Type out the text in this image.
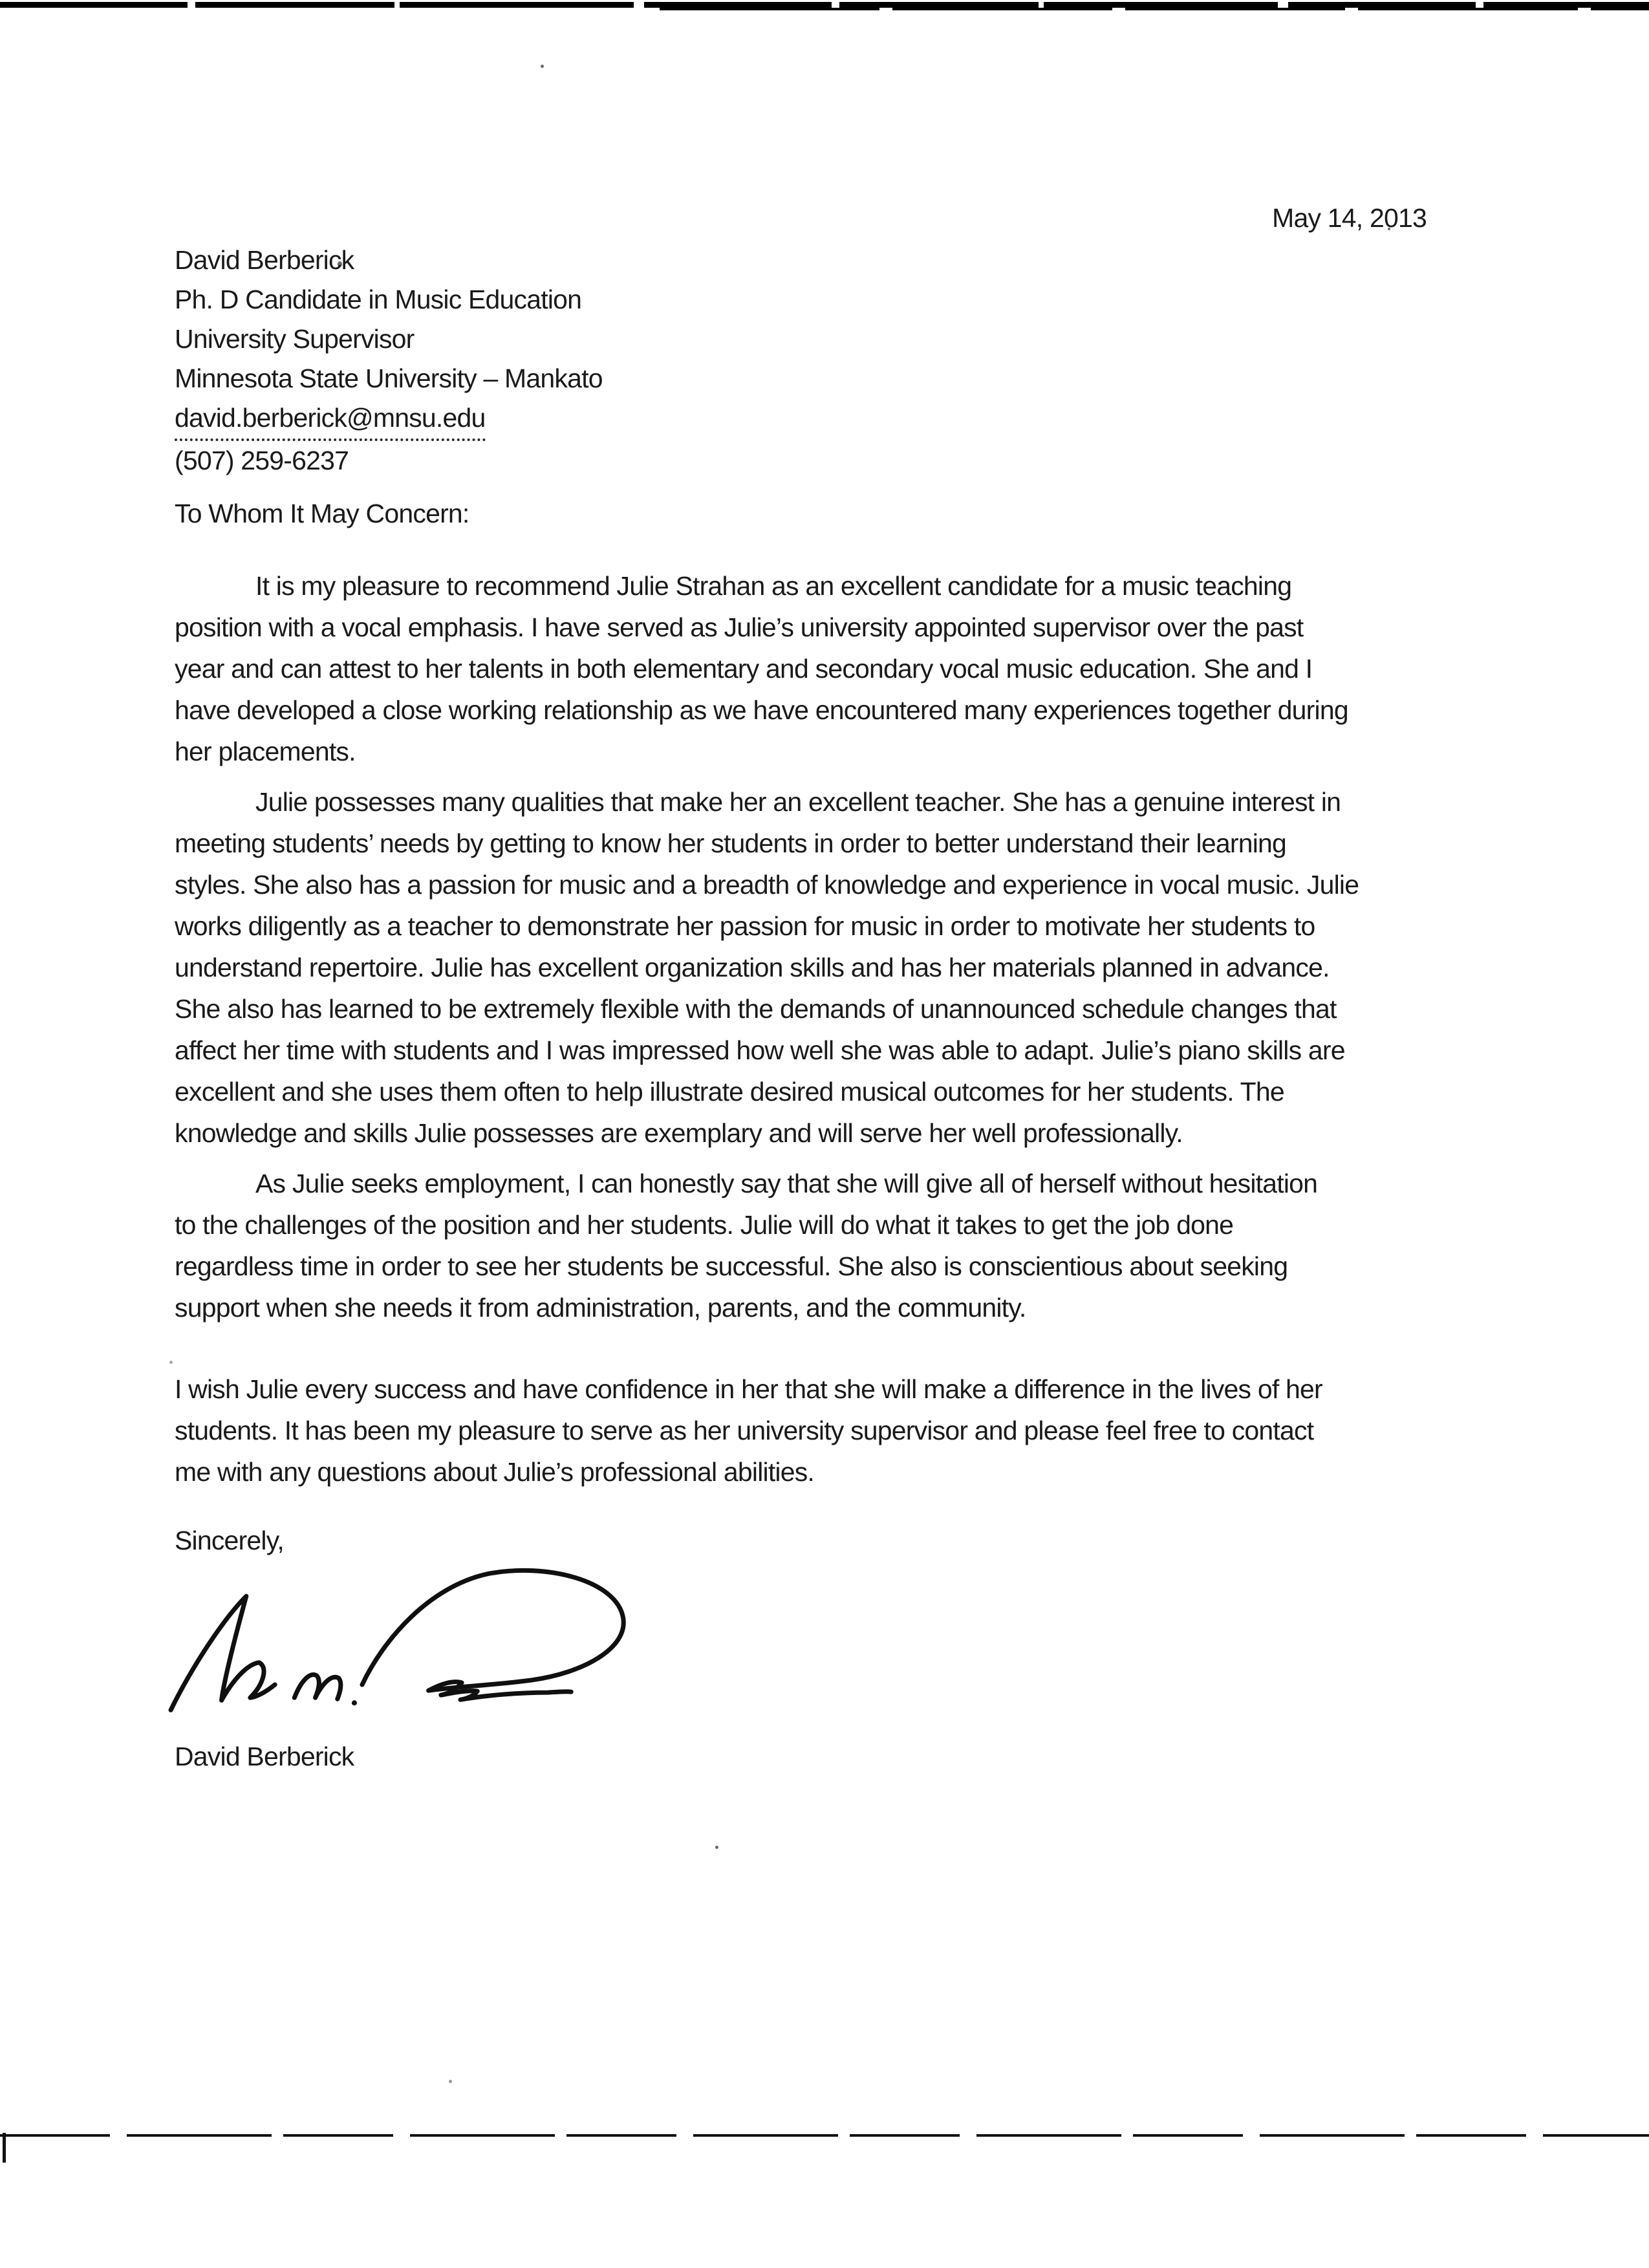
May 14, 2013
David Berberick
Ph. D Candidate in Music Education
University Supervisor
Minnesota State University – Mankato
david.berberick@mnsu.edu
(507) 259-6237
To Whom It May Concern:
It is my pleasure to recommend Julie Strahan as an excellent candidate for a music teaching
position with a vocal emphasis. I have served as Julie’s university appointed supervisor over the past
year and can attest to her talents in both elementary and secondary vocal music education. She and I
have developed a close working relationship as we have encountered many experiences together during
her placements.
Julie possesses many qualities that make her an excellent teacher. She has a genuine interest in
meeting students’ needs by getting to know her students in order to better understand their learning
styles. She also has a passion for music and a breadth of knowledge and experience in vocal music. Julie
works diligently as a teacher to demonstrate her passion for music in order to motivate her students to
understand repertoire. Julie has excellent organization skills and has her materials planned in advance.
She also has learned to be extremely flexible with the demands of unannounced schedule changes that
affect her time with students and I was impressed how well she was able to adapt. Julie’s piano skills are
excellent and she uses them often to help illustrate desired musical outcomes for her students. The
knowledge and skills Julie possesses are exemplary and will serve her well professionally.
As Julie seeks employment, I can honestly say that she will give all of herself without hesitation
to the challenges of the position and her students. Julie will do what it takes to get the job done
regardless time in order to see her students be successful. She also is conscientious about seeking
support when she needs it from administration, parents, and the community.
I wish Julie every success and have confidence in her that she will make a difference in the lives of her
students. It has been my pleasure to serve as her university supervisor and please feel free to contact
me with any questions about Julie’s professional abilities.
Sincerely,
David Berberick
